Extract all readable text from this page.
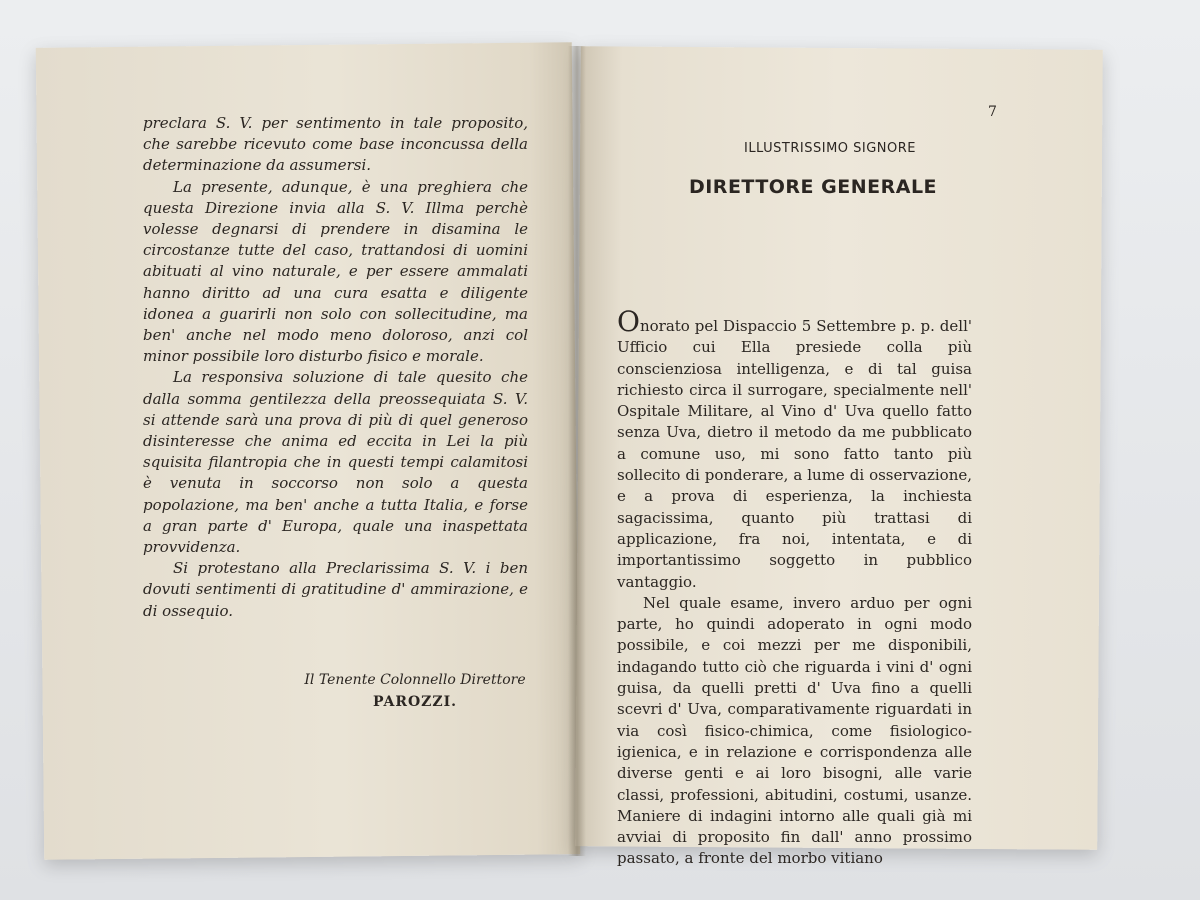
preclara S. V. per sentimento in tale proposito, che sarebbe ricevuto come base inconcussa della determinazione da assumersi.

La presente, adunque, è una preghiera che questa Direzione invia alla S. V. Illma perchè volesse degnarsi di prendere in disamina le circostanze tutte del caso, trattandosi di uomini abituati al vino naturale, e per essere ammalati hanno diritto ad una cura esatta e diligente idonea a guarirli non solo con sollecitudine, ma ben' anche nel modo meno doloroso, anzi col minor possibile loro disturbo fisico e morale.

La responsiva soluzione di tale quesito che dalla somma gentilezza della preossequiata S. V. si attende sarà una prova di più di quel generoso disinteresse che anima ed eccita in Lei la più squisita filantropia che in questi tempi calamitosi è venuta in soccorso non solo a questa popolazione, ma ben' anche a tutta Italia, e forse a gran parte d' Europa, quale una inaspettata provvidenza.

Si protestano alla Preclarissima S. V. i ben dovuti sentimenti di gratitudine d' ammirazione, e di ossequio.

Il Tenente Colonnello Direttore
PAROZZI.
7
ILLUSTRISSIMO SIGNORE
DIRETTORE GENERALE

Onorato pel Dispaccio 5 Settembre p. p. dell' Ufficio cui Ella presiede colla più conscienziosa intelligenza, e di tal guisa richiesto circa il surrogare, specialmente nell' Ospitale Militare, al Vino d' Uva quello fatto senza Uva, dietro il metodo da me pubblicato a comune uso, mi sono fatto tanto più sollecito di ponderare, a lume di osservazione, e a prova di esperienza, la inchiesta sagacissima, quanto più trattasi di applicazione, fra noi, intentata, e di importantissimo soggetto in pubblico vantaggio.

Nel quale esame, invero arduo per ogni parte, ho quindi adoperato in ogni modo possibile, e coi mezzi per me disponibili, indagando tutto ciò che riguarda i vini d' ogni guisa, da quelli pretti d' Uva fino a quelli scevri d' Uva, comparativamente riguardati in via così fisico-chimica, come fisiologico-igienica, e in relazione e corrispondenza alle diverse genti e ai loro bisogni, alle varie classi, professioni, abitudini, costumi, usanze. Maniere di indagini intorno alle quali già mi avviai di proposito fin dall' anno prossimo passato, a fronte del morbo vitiano
